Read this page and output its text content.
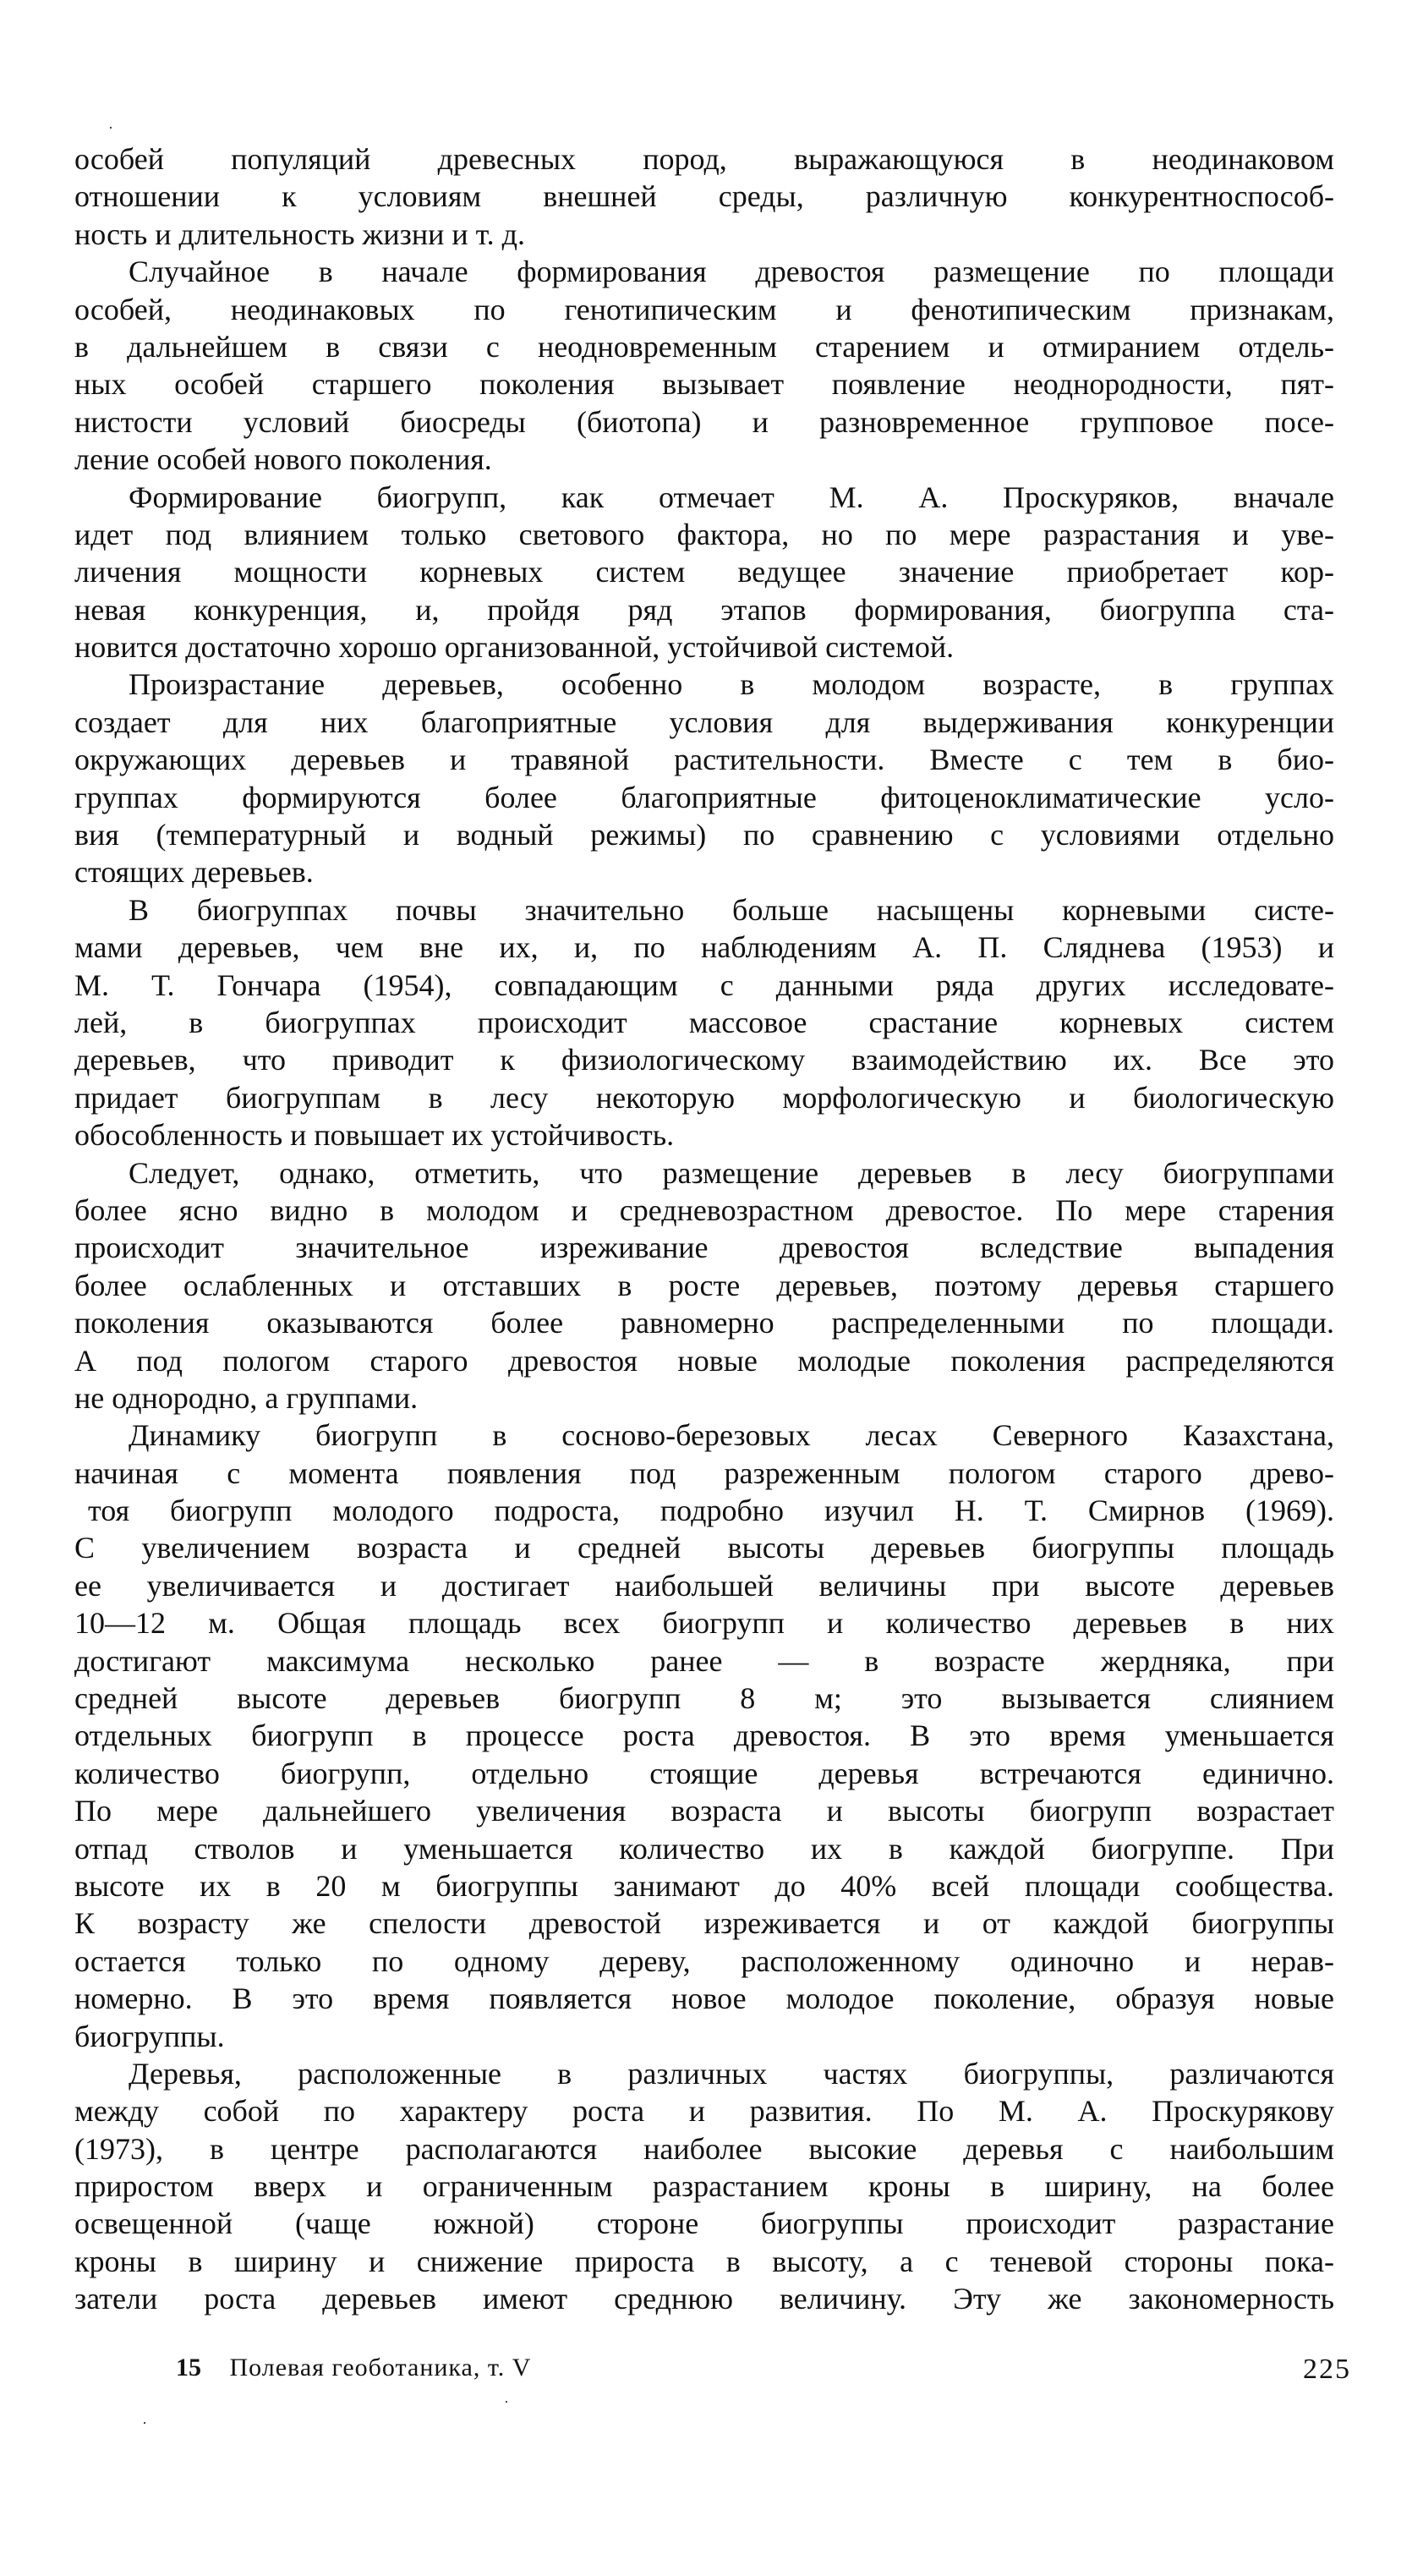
особей популяций древесных пород, выражающуюся в неодинаковом
отношении к условиям внешней среды, различную конкурентноспособ-
ность и длительность жизни и т. д.
Случайное в начале формирования древостоя размещение по площади
особей, неодинаковых по генотипическим и фенотипическим признакам,
в дальнейшем в связи с неодновременным старением и отмиранием отдель-
ных особей старшего поколения вызывает появление неоднородности, пят-
нистости условий биосреды (биотопа) и разновременное групповое посе-
ление особей нового поколения.
Формирование биогрупп, как отмечает М. А. Проскуряков, вначале
идет под влиянием только светового фактора, но по мере разрастания и уве-
личения мощности корневых систем ведущее значение приобретает кор-
невая конкуренция, и, пройдя ряд этапов формирования, биогруппа ста-
новится достаточно хорошо организованной, устойчивой системой.
Произрастание деревьев, особенно в молодом возрасте, в группах
создает для них благоприятные условия для выдерживания конкуренции
окружающих деревьев и травяной растительности. Вместе с тем в био-
группах формируются более благоприятные фитоценоклиматические усло-
вия (температурный и водный режимы) по сравнению с условиями отдельно
стоящих деревьев.
В биогруппах почвы значительно больше насыщены корневыми систе-
мами деревьев, чем вне их, и, по наблюдениям А. П. Сляднева (1953) и
М. Т. Гончара (1954), совпадающим с данными ряда других исследовате-
лей, в биогруппах происходит массовое срастание корневых систем
деревьев, что приводит к физиологическому взаимодействию их. Все это
придает биогруппам в лесу некоторую морфологическую и биологическую
обособленность и повышает их устойчивость.
Следует, однако, отметить, что размещение деревьев в лесу биогруппами
более ясно видно в молодом и средневозрастном древостое. По мере старения
происходит значительное изреживание древостоя вследствие выпадения
более ослабленных и отставших в росте деревьев, поэтому деревья старшего
поколения оказываются более равномерно распределенными по площади.
А под пологом старого древостоя новые молодые поколения распределяются
не однородно, а группами.
Динамику биогрупп в сосново-березовых лесах Северного Казахстана,
начиная с момента появления под разреженным пологом старого древо-
тоя биогрупп молодого подроста, подробно изучил Н. Т. Смирнов (1969).
С увеличением возраста и средней высоты деревьев биогруппы площадь
ее увеличивается и достигает наибольшей величины при высоте деревьев
10—12 м. Общая площадь всех биогрупп и количество деревьев в них
достигают максимума несколько ранее — в возрасте жердняка, при
средней высоте деревьев биогрупп 8 м; это вызывается слиянием
отдельных биогрупп в процессе роста древостоя. В это время уменьшается
количество биогрупп, отдельно стоящие деревья встречаются единично.
По мере дальнейшего увеличения возраста и высоты биогрупп возрастает
отпад стволов и уменьшается количество их в каждой биогруппе. При
высоте их в 20 м биогруппы занимают до 40% всей площади сообщества.
К возрасту же спелости древостой изреживается и от каждой биогруппы
остается только по одному дереву, расположенному одиночно и нерав-
номерно. В это время появляется новое молодое поколение, образуя новые
биогруппы.
Деревья, расположенные в различных частях биогруппы, различаются
между собой по характеру роста и развития. По М. А. Проскурякову
(1973), в центре располагаются наиболее высокие деревья с наибольшим
приростом вверх и ограниченным разрастанием кроны в ширину, на более
освещенной (чаще южной) стороне биогруппы происходит разрастание
кроны в ширину и снижение прироста в высоту, а с теневой стороны пока-
затели роста деревьев имеют среднюю величину. Эту же закономерность
15 Полевая геоботаника, т. V	225
